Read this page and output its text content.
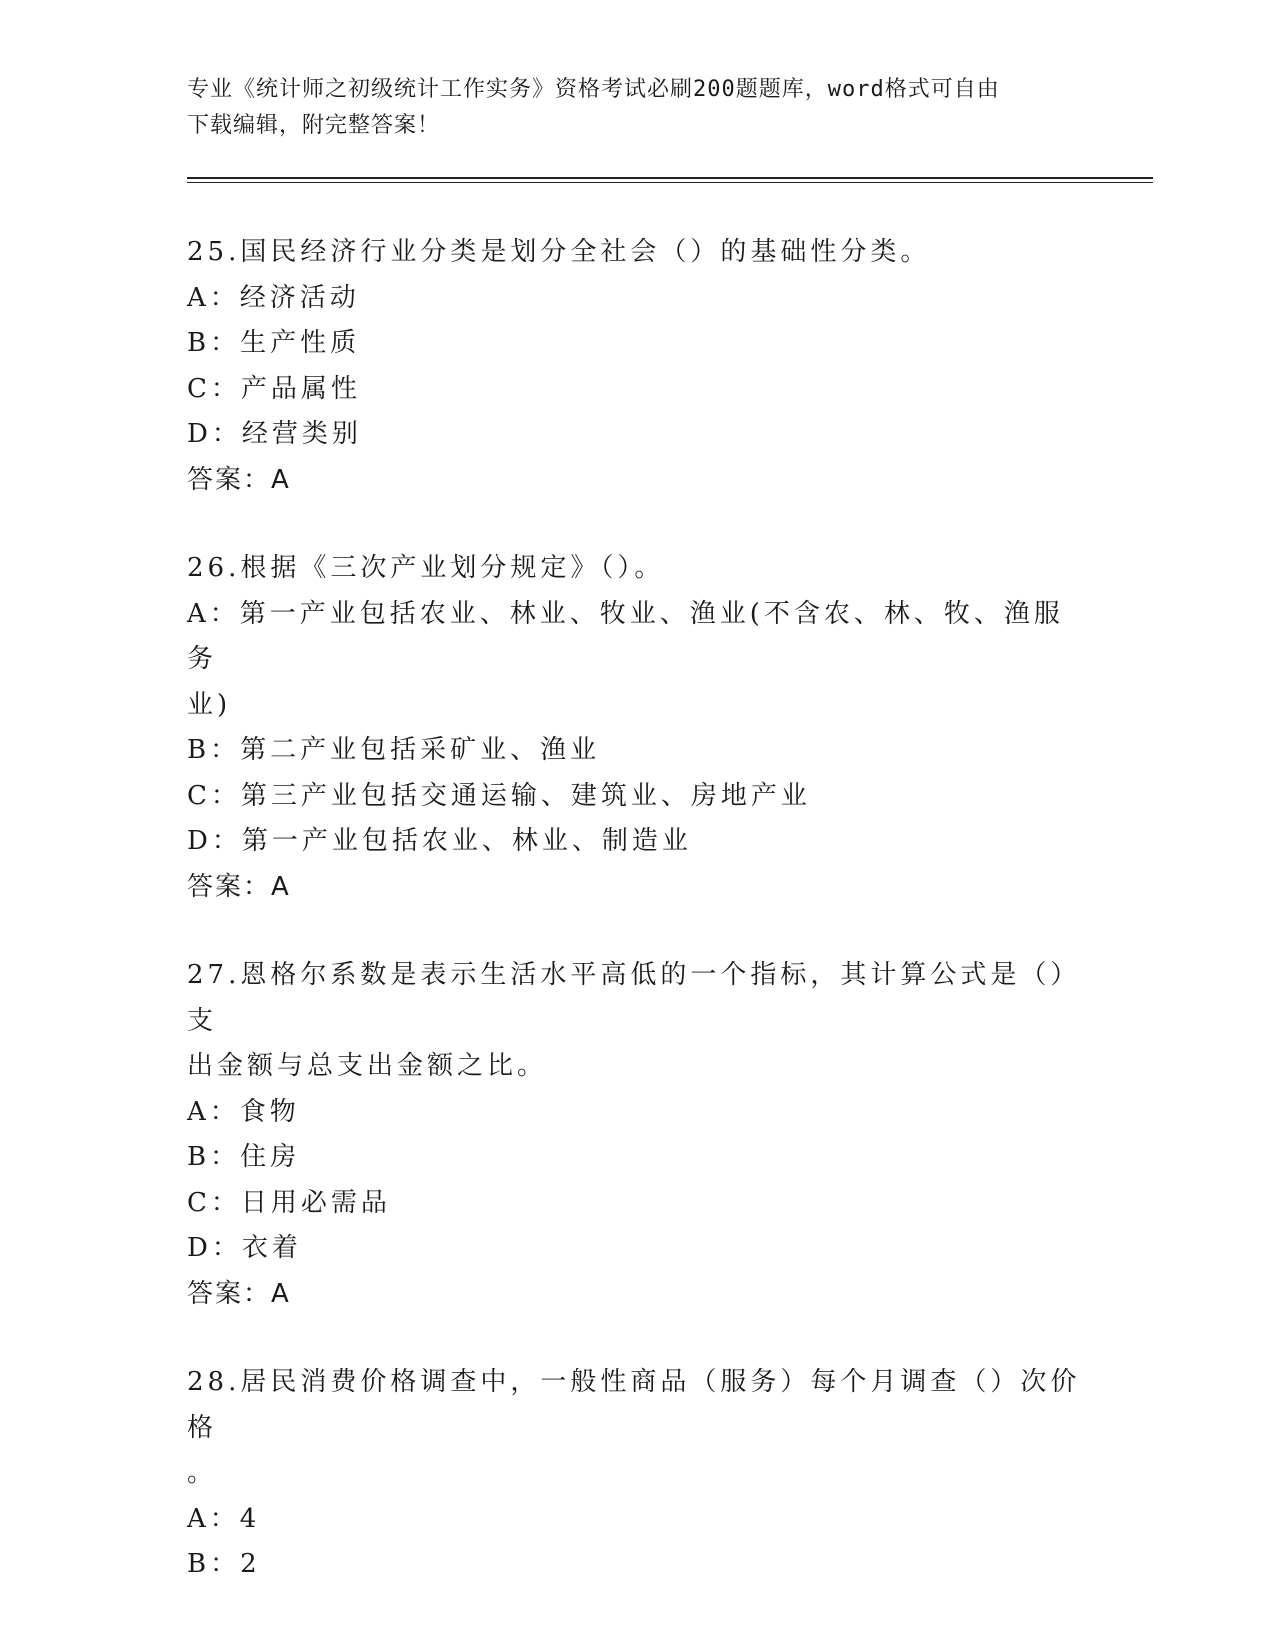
专业《统计师之初级统计工作实务》资格考试必刷200题题库，word格式可自由
下载编辑，附完整答案！
25.国民经济行业分类是划分全社会（）的基础性分类。
A：经济活动
B：生产性质
C：产品属性
D：经营类别
答案：A
26.根据《三次产业划分规定》（）。
A：第一产业包括农业、林业、牧业、渔业(不含农、林、牧、渔服务
业)
B：第二产业包括采矿业、渔业
C：第三产业包括交通运输、建筑业、房地产业
D：第一产业包括农业、林业、制造业
答案：A
27.恩格尔系数是表示生活水平高低的一个指标，其计算公式是（）支
出金额与总支出金额之比。
A：食物
B：住房
C：日用必需品
D：衣着
答案：A
28.居民消费价格调查中，一般性商品（服务）每个月调查（）次价格
。
A：4
B：2
